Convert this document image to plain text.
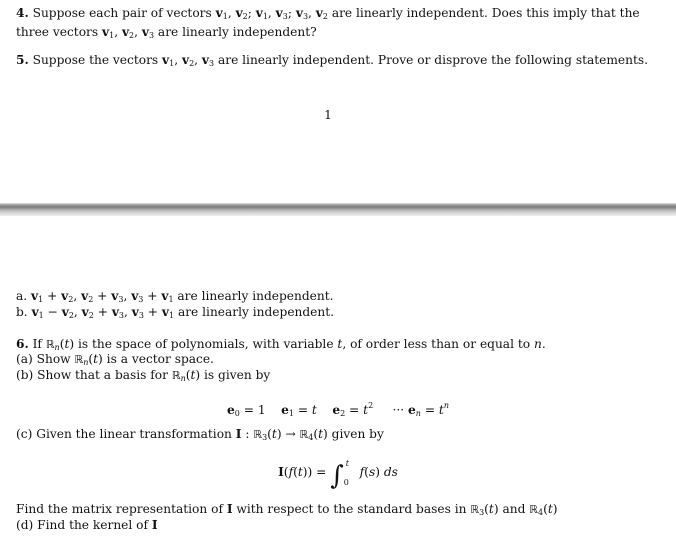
4. Suppose each pair of vectors $v_1$, $v_2$; $v_1$, $v_3$; $v_3$, $v_2$ are linearly independent. Does this imply that the
three vectors $v_1$, $v_2$, $v_3$ are linearly independent?
5. Suppose the vectors $v_1$, $v_2$, $v_3$ are linearly independent. Prove or disprove the following statements.
1
a. $v_1 + v_2$, $v_2 + v_3$, $v_3 + v_1$ are linearly independent.
b. $v_1 - v_2$, $v_2 + v_3$, $v_3 + v_1$ are linearly independent.
6. If ℝ$_n$(t) is the space of polynomials, with variable t, of order less than or equal to n.
(a) Show ℝ$_n$(t) is a vector space.
(b) Show that a basis for ℝ$_n$(t) is given by
$e_0 = 1$    $e_1 = t$ $e_2 = t^2$     ··· $e_n = t^n$
(c) Given the linear transformation I : ℝ$_3$(t) → ℝ$_4$(t) given by
I(f(t)) = ∫ t
0
f(s) ds
Find the matrix representation of I with respect to the standard bases in ℝ$_3$(t) and ℝ$_4$(t)
(d) Find the kernel of I
